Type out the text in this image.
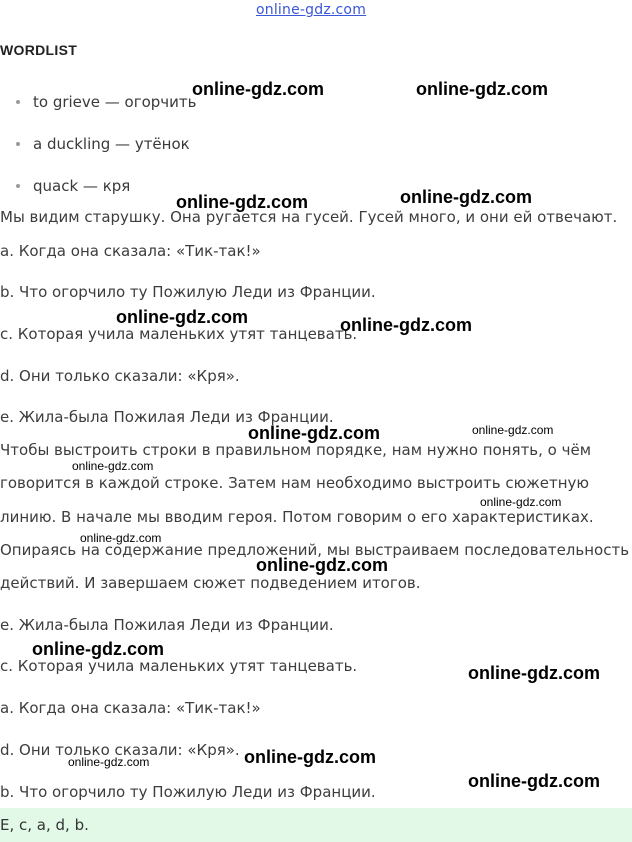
online-gdz.com
WORDLIST
to grieve — огорчить
a duckling — утёнок
quack — кря
Мы видим старушку. Она ругается на гусей. Гусей много, и они ей отвечают.
a. Когда она сказала: «Тик-так!»
b. Что огорчило ту Пожилую Леди из Франции.
c. Которая учила маленьких утят танцевать.
d. Они только сказали: «Кря».
e. Жила-была Пожилая Леди из Франции.
Чтобы выстроить строки в правильном порядке, нам нужно понять, о чём
говорится в каждой строке. Затем нам необходимо выстроить сюжетную
линию. В начале мы вводим героя. Потом говорим о его характеристиках.
Опираясь на содержание предложений, мы выстраиваем последовательность
действий. И завершаем сюжет подведением итогов.
e. Жила-была Пожилая Леди из Франции.
c. Которая учила маленьких утят танцевать.
a. Когда она сказала: «Тик-так!»
d. Они только сказали: «Кря».
b. Что огорчило ту Пожилую Леди из Франции.
E, c, a, d, b.
online-gdz.com	online-gdz.com
online-gdz.com	online-gdz.com
online-gdz.com	online-gdz.com
online-gdz.com	online-gdz.com
online-gdz.com
online-gdz.com
online-gdz.com
online-gdz.com
online-gdz.com
online-gdz.com
online-gdz.com
online-gdz.com
online-gdz.com
